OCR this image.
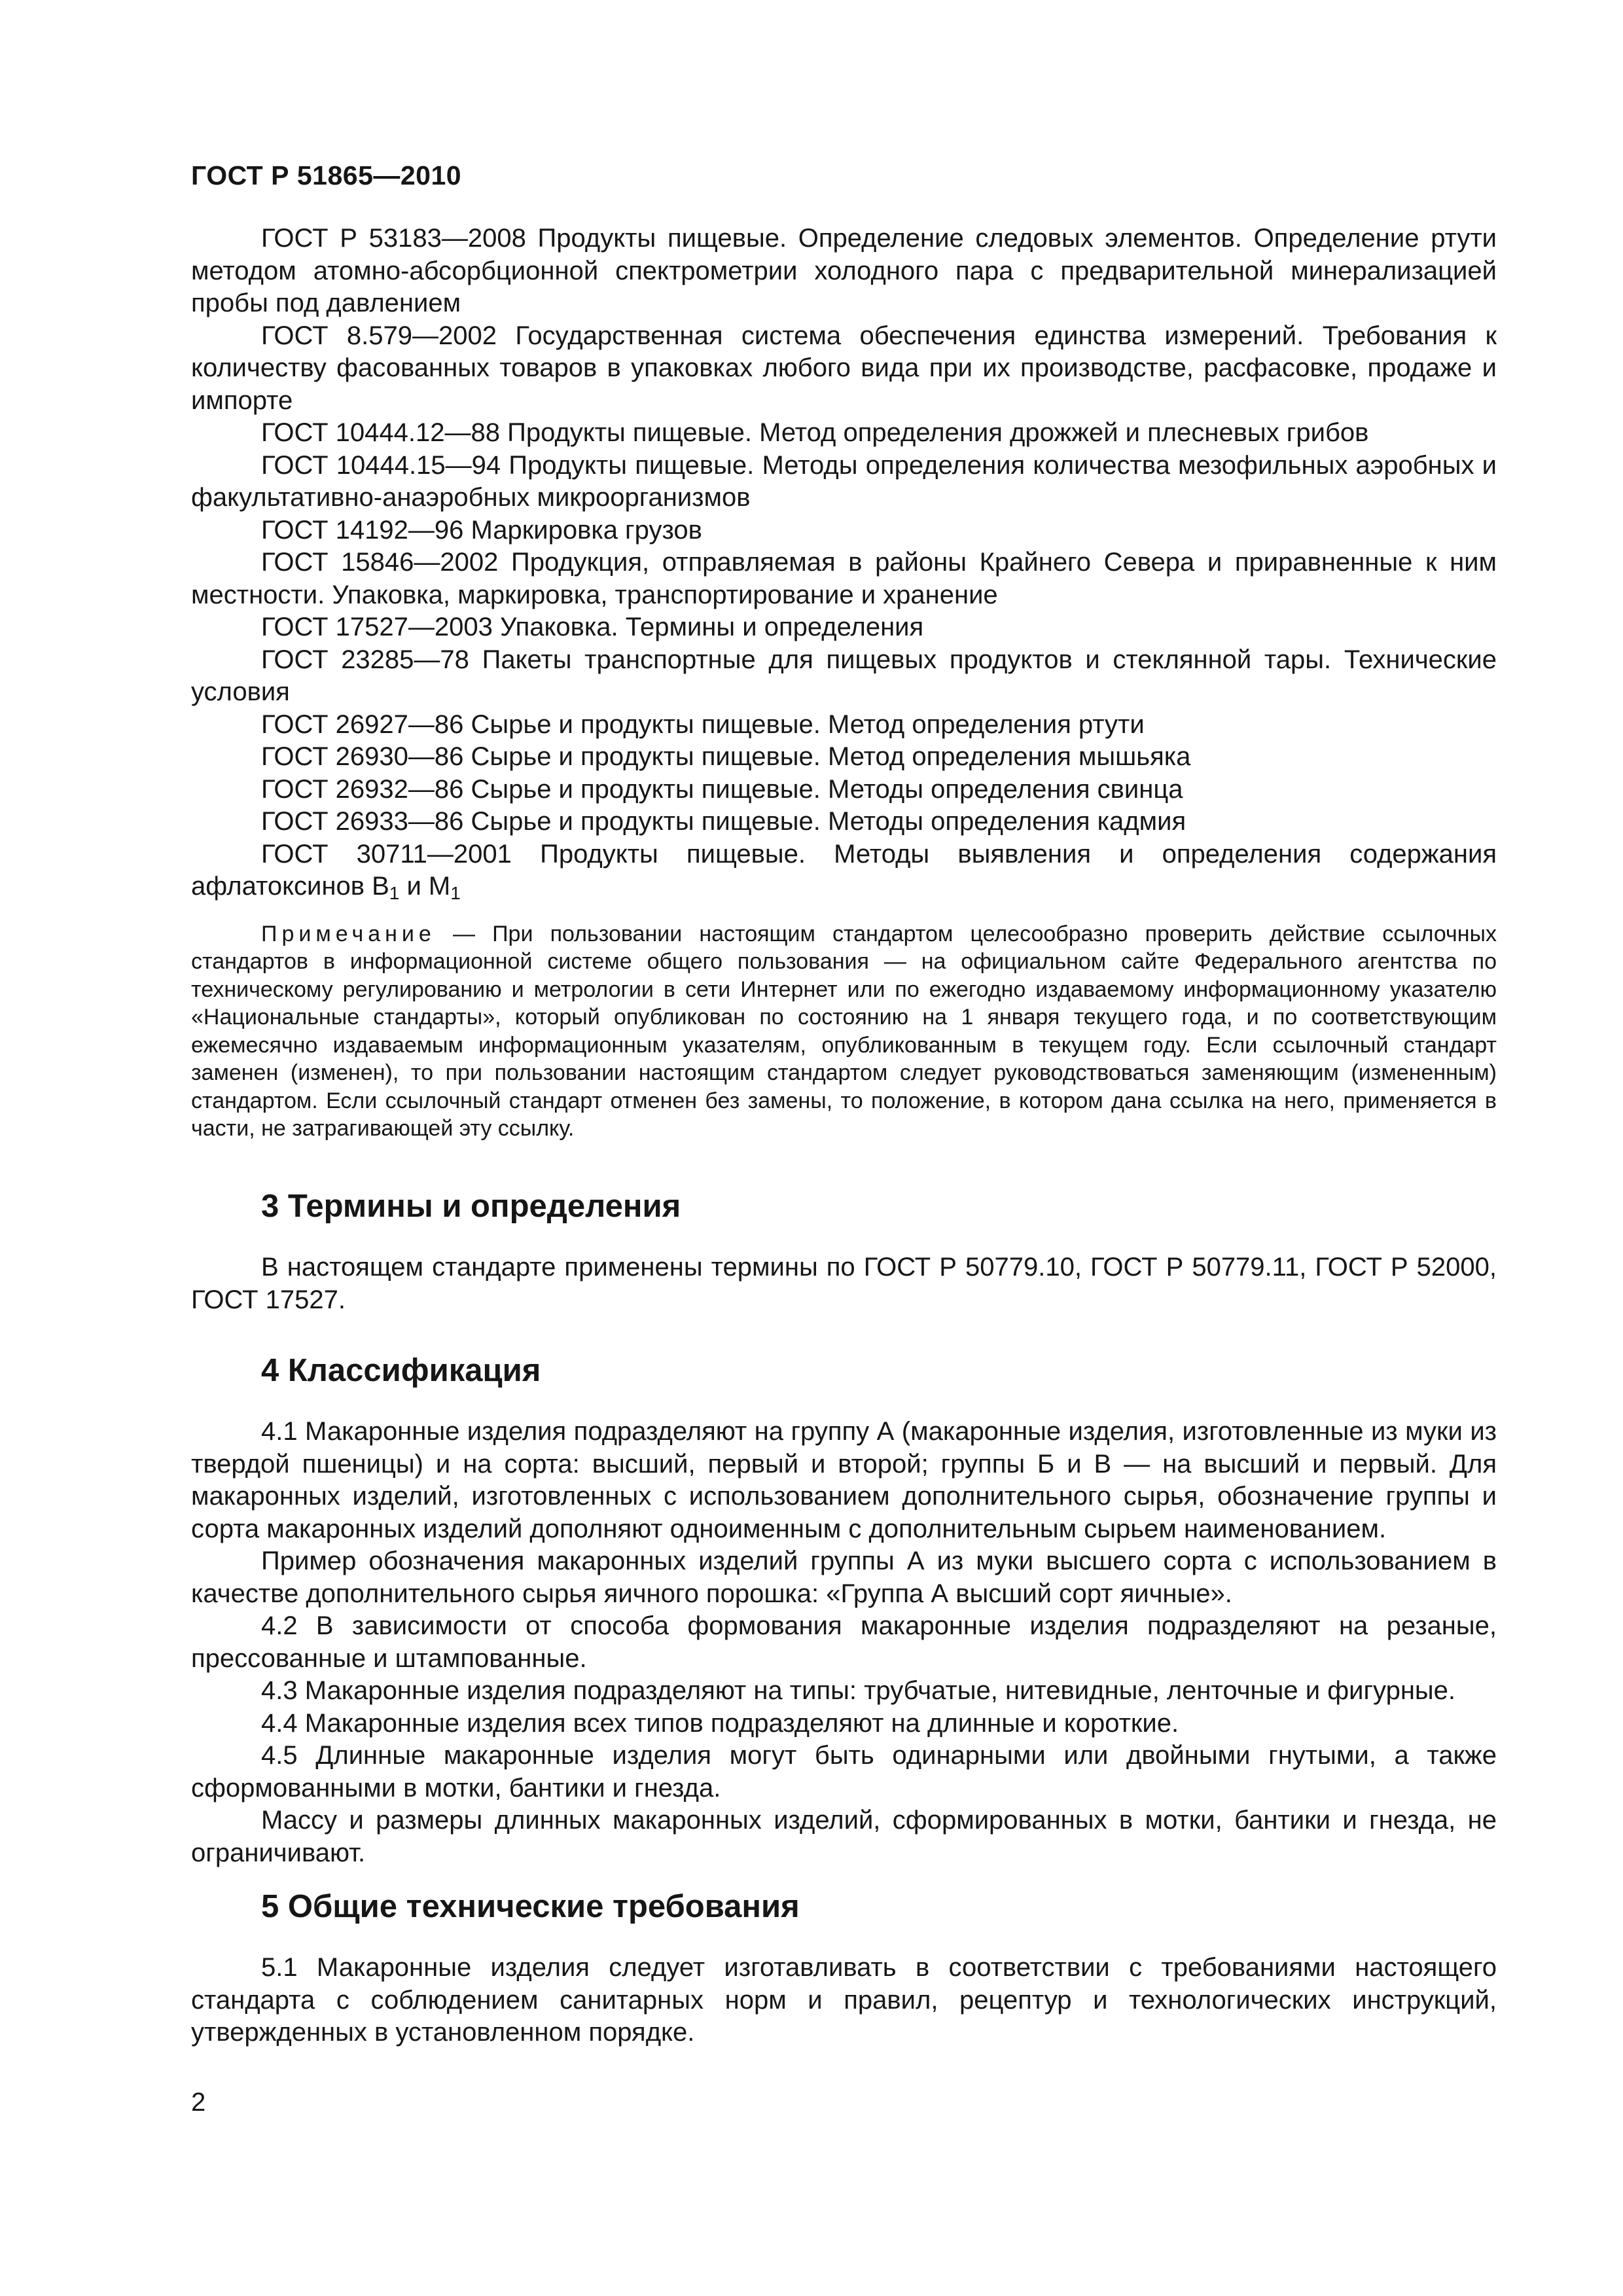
ГОСТ Р 51865—2010

ГОСТ Р 53183—2008 Продукты пищевые. Определение следовых элементов. Определение ртути методом атомно-абсорбционной спектрометрии холодного пара с предварительной минерализацией пробы под давлением

ГОСТ 8.579—2002 Государственная система обеспечения единства измерений. Требования к количеству фасованных товаров в упаковках любого вида при их производстве, расфасовке, продаже и импорте

ГОСТ 10444.12—88 Продукты пищевые. Метод определения дрожжей и плесневых грибов

ГОСТ 10444.15—94 Продукты пищевые. Методы определения количества мезофильных аэробных и факультативно-анаэробных микроорганизмов

ГОСТ 14192—96 Маркировка грузов

ГОСТ 15846—2002 Продукция, отправляемая в районы Крайнего Севера и приравненные к ним местности. Упаковка, маркировка, транспортирование и хранение

ГОСТ 17527—2003 Упаковка. Термины и определения

ГОСТ 23285—78 Пакеты транспортные для пищевых продуктов и стеклянной тары. Технические условия

ГОСТ 26927—86 Сырье и продукты пищевые. Метод определения ртути

ГОСТ 26930—86 Сырье и продукты пищевые. Метод определения мышьяка

ГОСТ 26932—86 Сырье и продукты пищевые. Методы определения свинца

ГОСТ 26933—86 Сырье и продукты пищевые. Методы определения кадмия

ГОСТ 30711—2001 Продукты пищевые. Методы выявления и определения содержания афлатоксинов $B_1$ и $M_1$

Примечание — При пользовании настоящим стандартом целесообразно проверить действие ссылочных стандартов в информационной системе общего пользования — на официальном сайте Федерального агентства по техническому регулированию и метрологии в сети Интернет или по ежегодно издаваемому информационному указателю «Национальные стандарты», который опубликован по состоянию на 1 января текущего года, и по соответствующим ежемесячно издаваемым информационным указателям, опубликованным в текущем году. Если ссылочный стандарт заменен (изменен), то при пользовании настоящим стандартом следует руководствоваться заменяющим (измененным) стандартом. Если ссылочный стандарт отменен без замены, то положение, в котором дана ссылка на него, применяется в части, не затрагивающей эту ссылку.

3 Термины и определения

В настоящем стандарте применены термины по ГОСТ Р 50779.10, ГОСТ Р 50779.11, ГОСТ Р 52000, ГОСТ 17527.

4 Классификация

4.1 Макаронные изделия подразделяют на группу А (макаронные изделия, изготовленные из муки из твердой пшеницы) и на сорта: высший, первый и второй; группы Б и В — на высший и первый. Для макаронных изделий, изготовленных с использованием дополнительного сырья, обозначение группы и сорта макаронных изделий дополняют одноименным с дополнительным сырьем наименованием.

Пример обозначения макаронных изделий группы А из муки высшего сорта с использованием в качестве дополнительного сырья яичного порошка: «Группа А высший сорт яичные».

4.2 В зависимости от способа формования макаронные изделия подразделяют на резаные, прессованные и штампованные.

4.3 Макаронные изделия подразделяют на типы: трубчатые, нитевидные, ленточные и фигурные.

4.4 Макаронные изделия всех типов подразделяют на длинные и короткие.

4.5 Длинные макаронные изделия могут быть одинарными или двойными гнутыми, а также сформованными в мотки, бантики и гнезда.

Массу и размеры длинных макаронных изделий, сформированных в мотки, бантики и гнезда, не ограничивают.

5 Общие технические требования

5.1 Макаронные изделия следует изготавливать в соответствии с требованиями настоящего стандарта с соблюдением санитарных норм и правил, рецептур и технологических инструкций, утвержденных в установленном порядке.

2
